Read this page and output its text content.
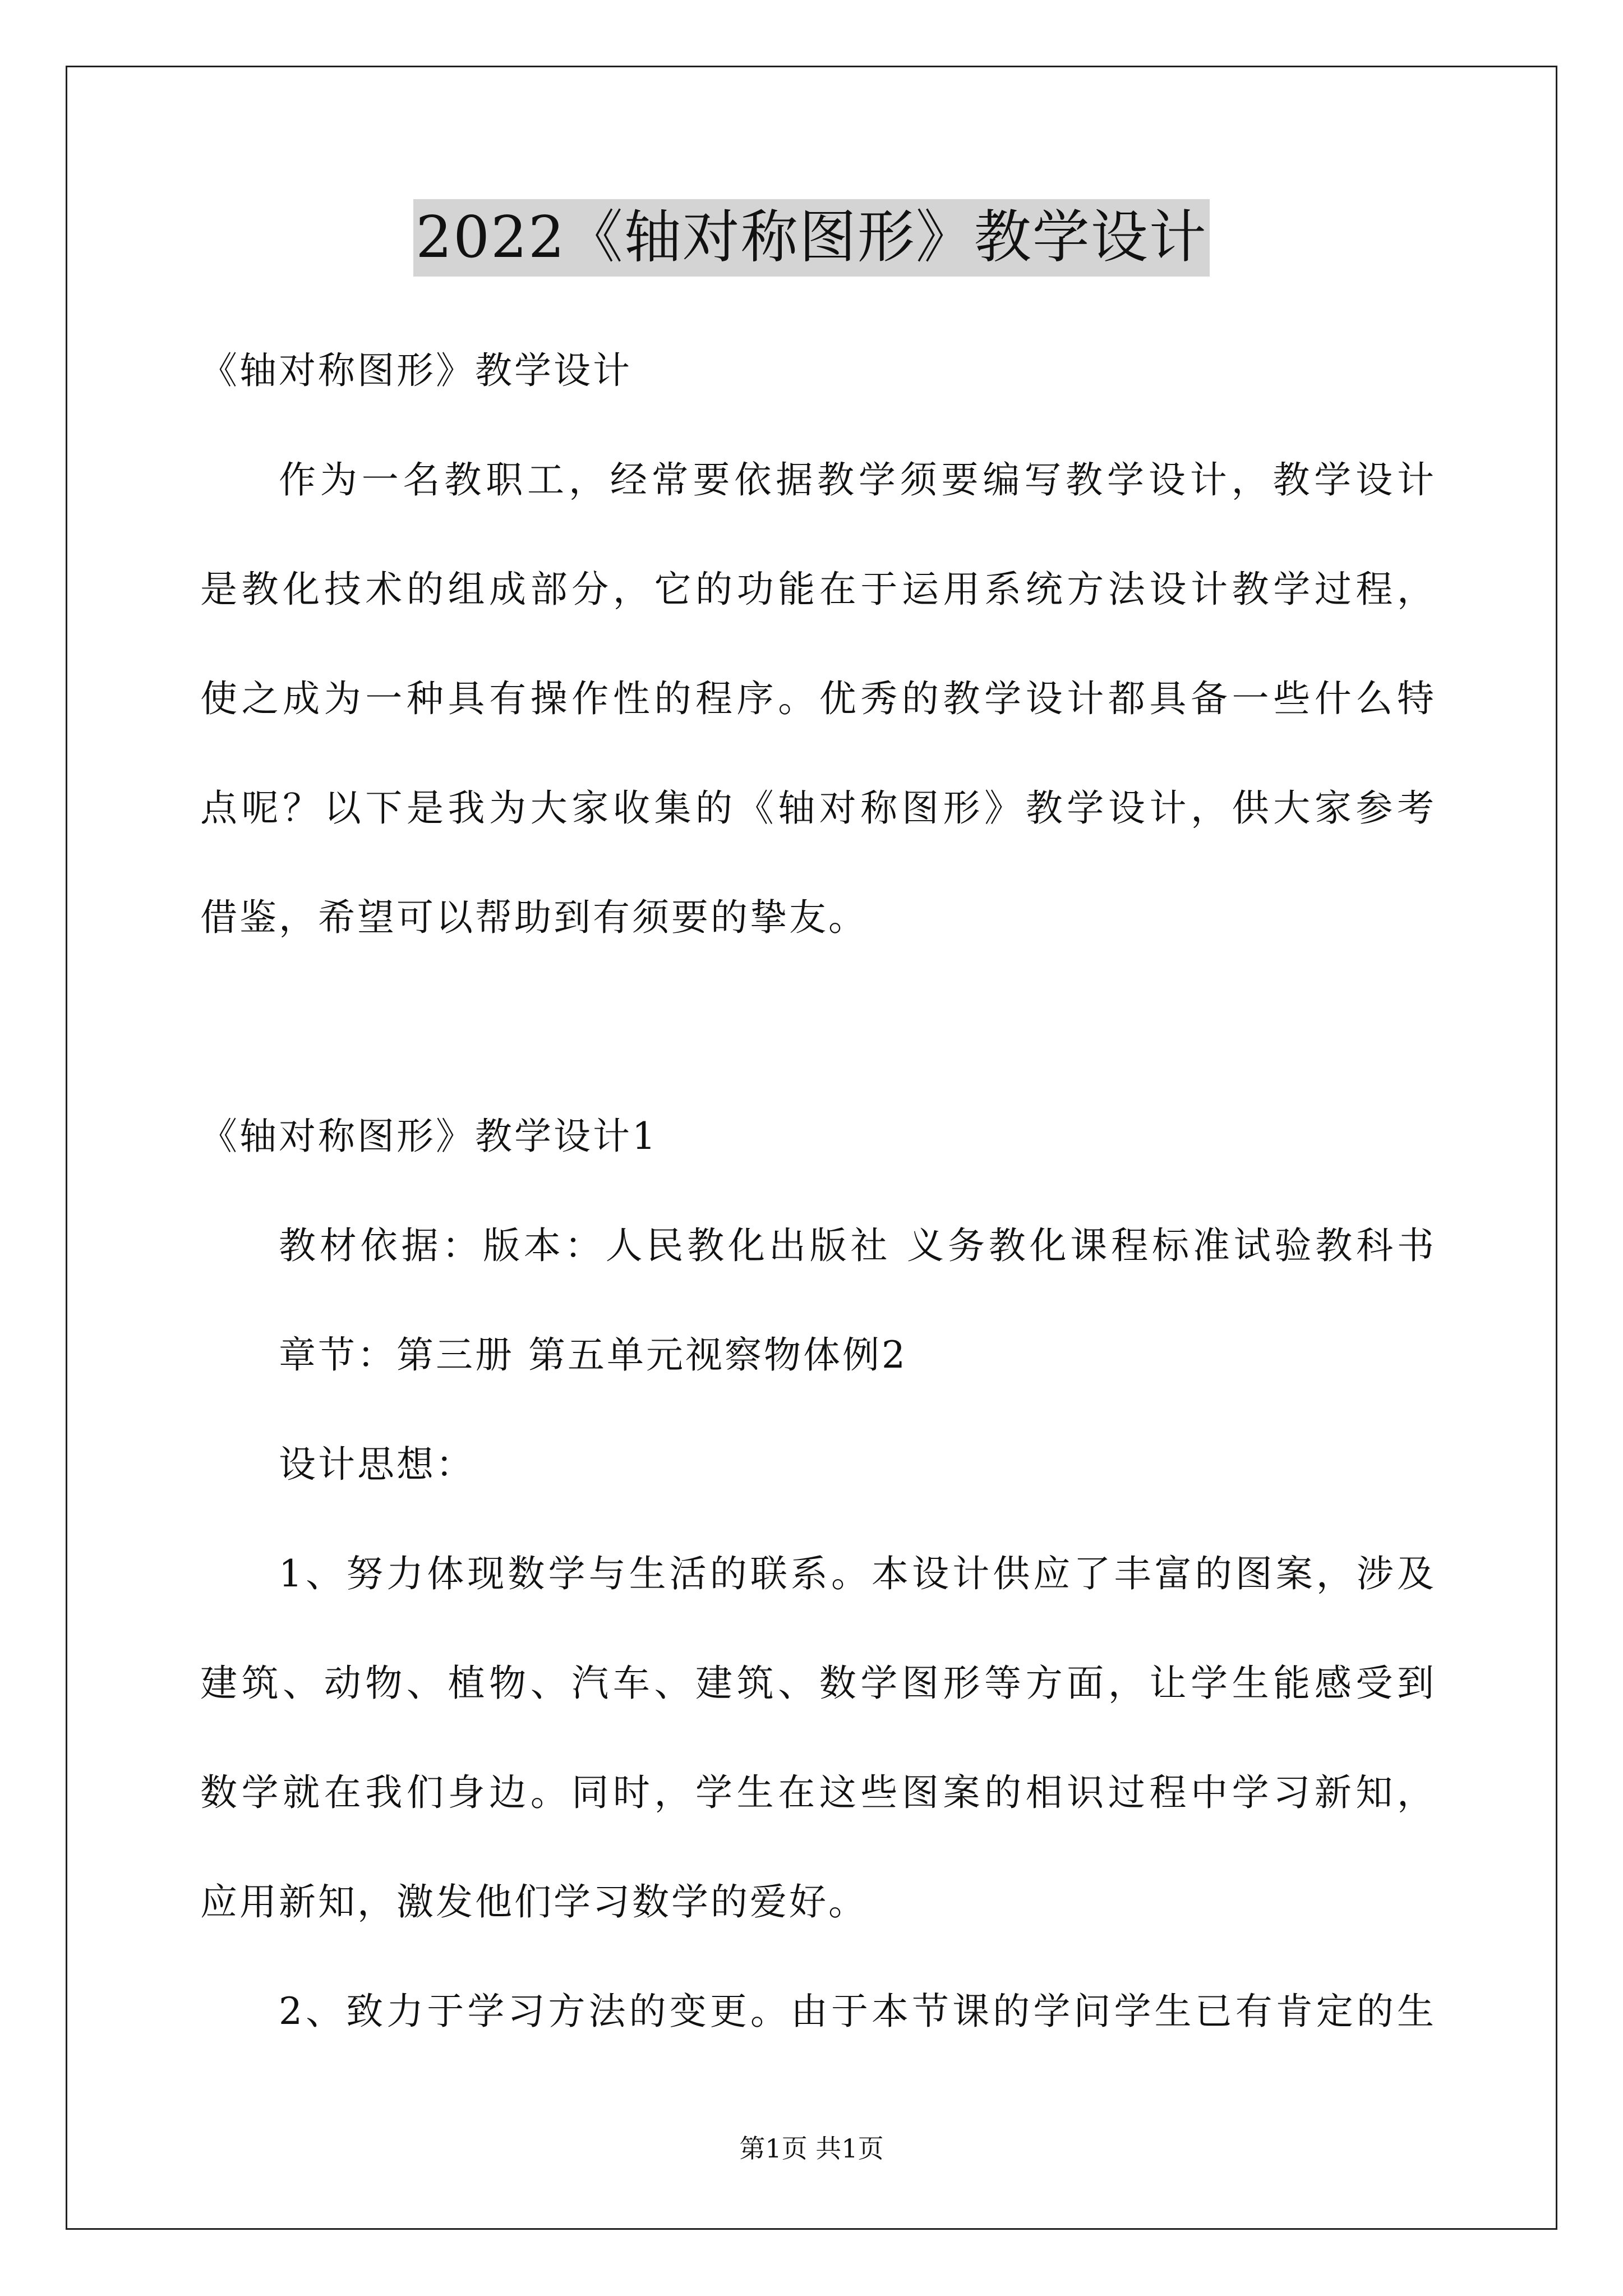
2022《轴对称图形》教学设计

《轴对称图形》教学设计

作为一名教职工，经常要依据教学须要编写教学设计，教学设计

是教化技术的组成部分，它的功能在于运用系统方法设计教学过程，

使之成为一种具有操作性的程序。优秀的教学设计都具备一些什么特

点呢？以下是我为大家收集的《轴对称图形》教学设计，供大家参考

借鉴，希望可以帮助到有须要的挚友。

《轴对称图形》教学设计1

教材依据：版本：人民教化出版社 义务教化课程标准试验教科书

章节：第三册 第五单元视察物体例2

设计思想：

1、努力体现数学与生活的联系。本设计供应了丰富的图案，涉及

建筑、动物、植物、汽车、建筑、数学图形等方面，让学生能感受到

数学就在我们身边。同时，学生在这些图案的相识过程中学习新知，

应用新知，激发他们学习数学的爱好。

2、致力于学习方法的变更。由于本节课的学问学生已有肯定的生

第1页 共1页
